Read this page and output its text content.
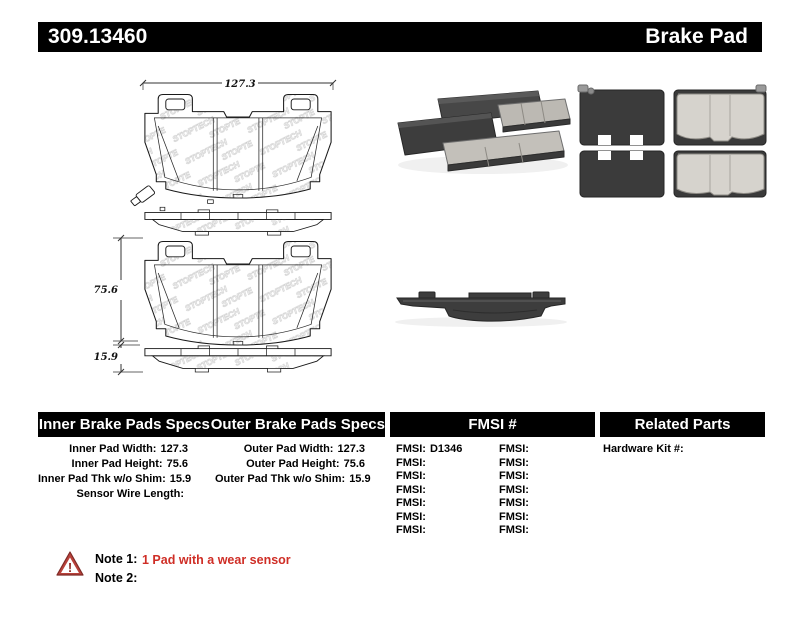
309.13460	Brake Pad
127.3
75.6
15.9
Inner Brake Pads Specs Outer Brake Pads Specs	FMSI #	Related Parts
Inner Pad Width: 127.3
Inner Pad Height: 75.6
Inner Pad Thk w/o Shim: 15.9
Sensor Wire Length:
Outer Pad Width: 127.3
Outer Pad Height: 75.6
Outer Pad Thk w/o Shim: 15.9
FMSI: D1346
FMSI:
FMSI:
FMSI:
FMSI:
FMSI:
FMSI:
FMSI:
FMSI:
FMSI:
FMSI:
FMSI:
FMSI:
FMSI:
Hardware Kit #:
!
Note 1: 1 Pad with a wear sensor
Note 2:
